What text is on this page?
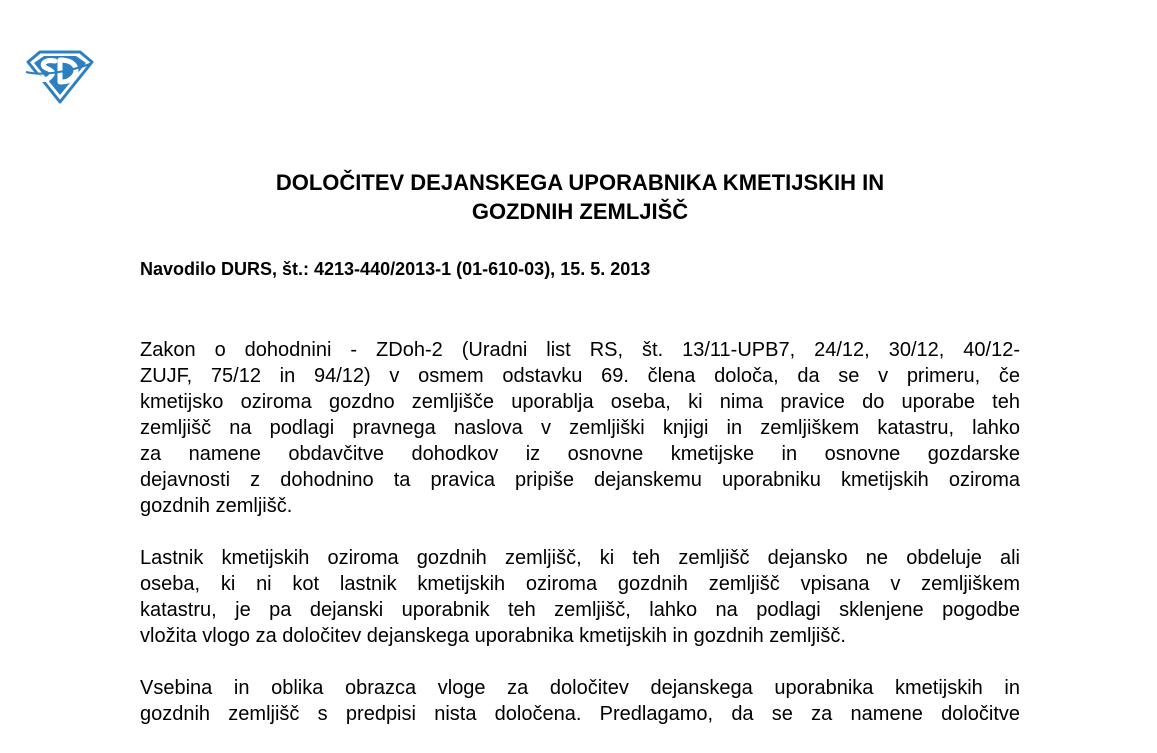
DOLOČITEV DEJANSKEGA UPORABNIKA KMETIJSKIH IN
GOZDNIH ZEMLJIŠČ

Navodilo DURS, št.: 4213-440/2013-1 (01-610-03), 15. 5. 2013

Zakon o dohodnini - ZDoh-2 (Uradni list RS, št. 13/11-UPB7, 24/12, 30/12, 40/12-
ZUJF, 75/12 in 94/12) v osmem odstavku 69. člena določa, da se v primeru, če
kmetijsko oziroma gozdno zemljišče uporablja oseba, ki nima pravice do uporabe teh
zemljišč na podlagi pravnega naslova v zemljiški knjigi in zemljiškem katastru, lahko
za namene obdavčitve dohodkov iz osnovne kmetijske in osnovne gozdarske
dejavnosti z dohodnino ta pravica pripiše dejanskemu uporabniku kmetijskih oziroma
gozdnih zemljišč.

Lastnik kmetijskih oziroma gozdnih zemljišč, ki teh zemljišč dejansko ne obdeluje ali
oseba, ki ni kot lastnik kmetijskih oziroma gozdnih zemljišč vpisana v zemljiškem
katastru, je pa dejanski uporabnik teh zemljišč, lahko na podlagi sklenjene pogodbe
vložita vlogo za določitev dejanskega uporabnika kmetijskih in gozdnih zemljišč.

Vsebina in oblika obrazca vloge za določitev dejanskega uporabnika kmetijskih in
gozdnih zemljišč s predpisi nista določena. Predlagamo, da se za namene določitve
